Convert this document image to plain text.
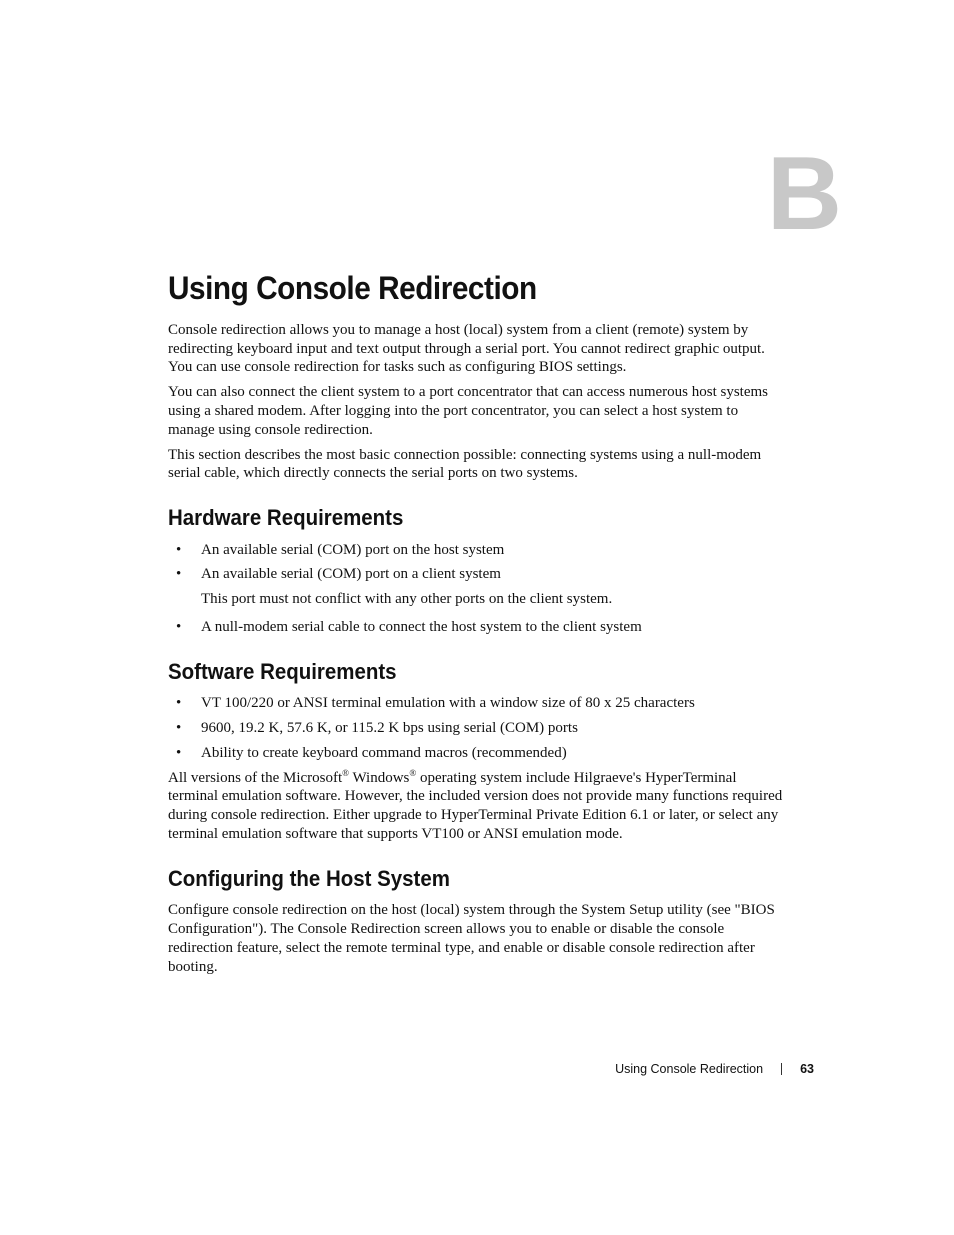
B
Using Console Redirection

Console redirection allows you to manage a host (local) system from a client (remote) system by redirecting keyboard input and text output through a serial port. You cannot redirect graphic output. You can use console redirection for tasks such as configuring BIOS settings.

You can also connect the client system to a port concentrator that can access numerous host systems using a shared modem. After logging into the port concentrator, you can select a host system to manage using console redirection.

This section describes the most basic connection possible: connecting systems using a null-modem serial cable, which directly connects the serial ports on two systems.

Hardware Requirements
• An available serial (COM) port on the host system
• An available serial (COM) port on a client system
This port must not conflict with any other ports on the client system.
• A null-modem serial cable to connect the host system to the client system
Software Requirements
• VT 100/220 or ANSI terminal emulation with a window size of 80 x 25 characters
• 9600, 19.2 K, 57.6 K, or 115.2 K bps using serial (COM) ports
• Ability to create keyboard command macros (recommended)

All versions of the Microsoft® Windows® operating system include Hilgraeve's HyperTerminal terminal emulation software. However, the included version does not provide many functions required during console redirection. Either upgrade to HyperTerminal Private Edition 6.1 or later, or select any terminal emulation software that supports VT100 or ANSI emulation mode.

Configuring the Host System

Configure console redirection on the host (local) system through the System Setup utility (see "BIOS Configuration"). The Console Redirection screen allows you to enable or disable the console redirection feature, select the remote terminal type, and enable or disable console redirection after booting.

Using Console Redirection	63
